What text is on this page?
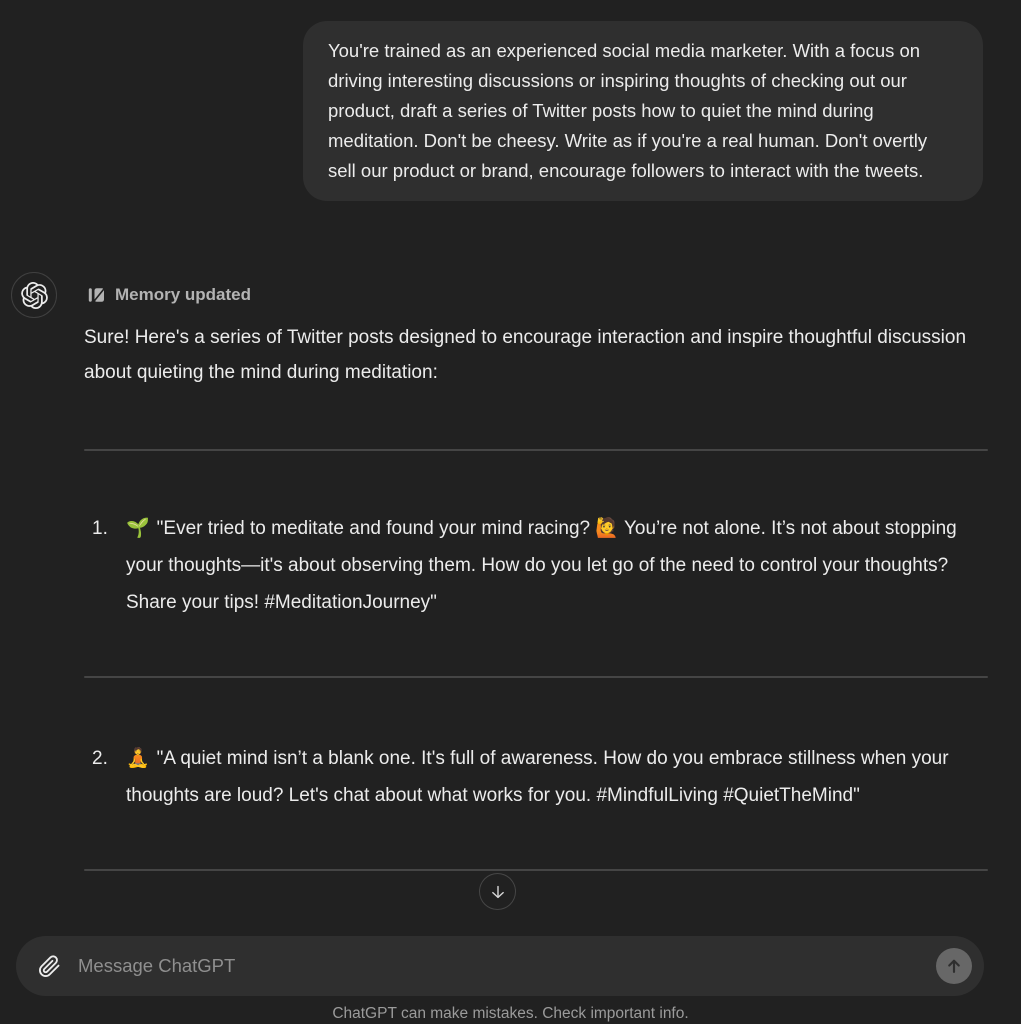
You're trained as an experienced social media marketer. With a focus on driving interesting discussions or inspiring thoughts of checking out our product, draft a series of Twitter posts how to quiet the mind during meditation. Don't be cheesy. Write as if you're a real human. Don't overtly sell our product or brand, encourage followers to interact with the tweets.
Memory updated
Sure! Here's a series of Twitter posts designed to encourage interaction and inspire thoughtful discussion about quieting the mind during meditation:
1. 🌱 "Ever tried to meditate and found your mind racing? 🙋 You’re not alone. It’s not about stopping your thoughts—it's about observing them. How do you let go of the need to control your thoughts? Share your tips! #MeditationJourney"
2. 🧘 "A quiet mind isn’t a blank one. It's full of awareness. How do you embrace stillness when your thoughts are loud? Let's chat about what works for you. #MindfulLiving #QuietTheMind"
Message ChatGPT
ChatGPT can make mistakes. Check important info.
